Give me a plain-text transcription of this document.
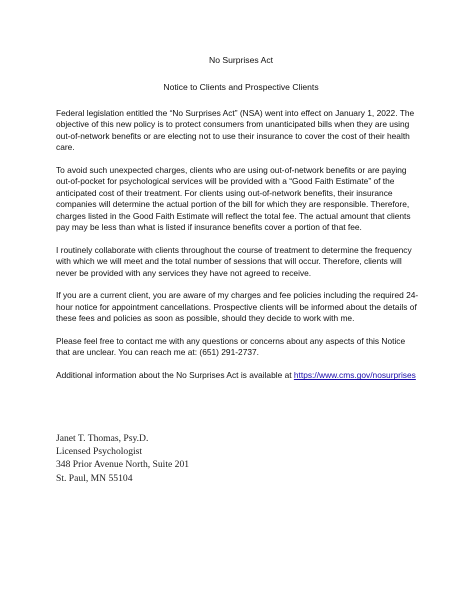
No Surprises Act
Notice to Clients and Prospective Clients

Federal legislation entitled the “No Surprises Act” (NSA) went into effect on January 1, 2022. The objective of this new policy is to protect consumers from unanticipated bills when they are using out-of-network benefits or are electing not to use their insurance to cover the cost of their health care.

To avoid such unexpected charges, clients who are using out-of-network benefits or are paying out-of-pocket for psychological services will be provided with a “Good Faith Estimate” of the anticipated cost of their treatment. For clients using out-of-network benefits, their insurance companies will determine the actual portion of the bill for which they are responsible. Therefore, charges listed in the Good Faith Estimate will reflect the total fee. The actual amount that clients pay may be less than what is listed if insurance benefits cover a portion of that fee.

I routinely collaborate with clients throughout the course of treatment to determine the frequency with which we will meet and the total number of sessions that will occur. Therefore, clients will never be provided with any services they have not agreed to receive.

If you are a current client, you are aware of my charges and fee policies including the required 24-hour notice for appointment cancellations. Prospective clients will be informed about the details of these fees and policies as soon as possible, should they decide to work with me.

Please feel free to contact me with any questions or concerns about any aspects of this Notice that are unclear. You can reach me at: (651) 291-2737.

Additional information about the No Surprises Act is available at https://www.cms.gov/nosurprises

Janet T. Thomas, Psy.D.
Licensed Psychologist
348 Prior Avenue North, Suite 201
St. Paul, MN 55104
